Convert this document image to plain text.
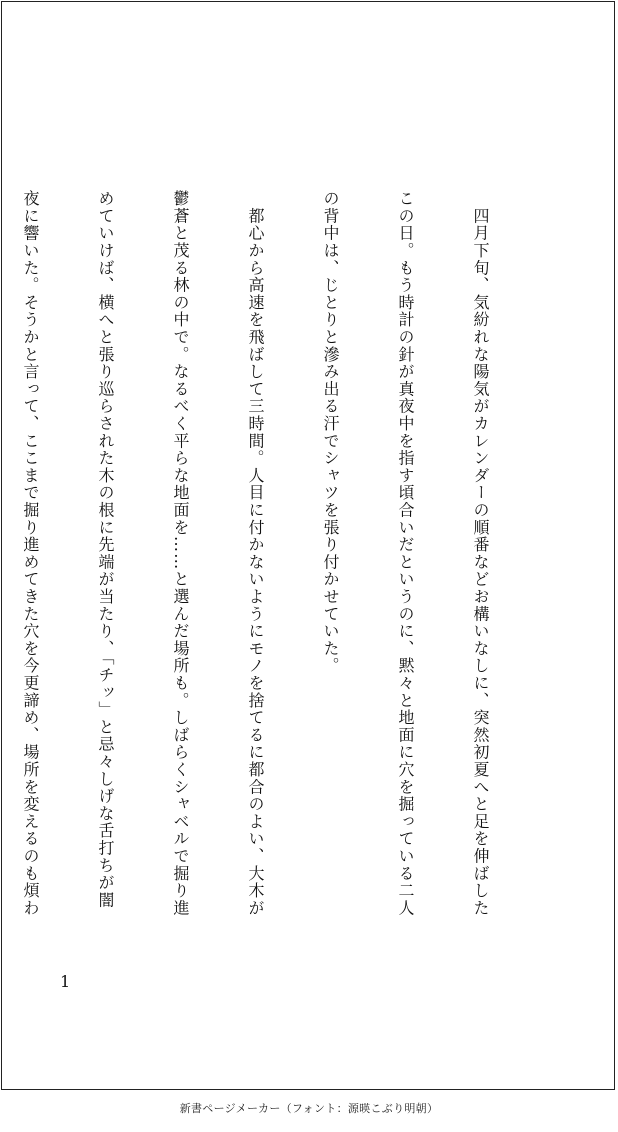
　四月下旬、気紛れな陽気がカレンダーの順番などお構いなしに、突然初夏へと足を伸ばした

この日。もう時計の針が真夜中を指す頃合いだというのに、黙々と地面に穴を掘っている二人

の背中は、じとりと滲み出る汗でシャツを張り付かせていた。

　都心から高速を飛ばして三時間。人目に付かないようにモノを捨てるに都合のよい、大木が

鬱蒼と茂る林の中で。なるべく平らな地面を……と選んだ場所も。しばらくシャベルで掘り進

めていけば、横へと張り巡らされた木の根に先端が当たり、「チッ」と忌々しげな舌打ちが闇

夜に響いた。そうかと言って、ここまで掘り進めてきた穴を今更諦め、場所を変えるのも煩わ

1
新書ページメーカー（フォント：源暎こぶり明朝）
